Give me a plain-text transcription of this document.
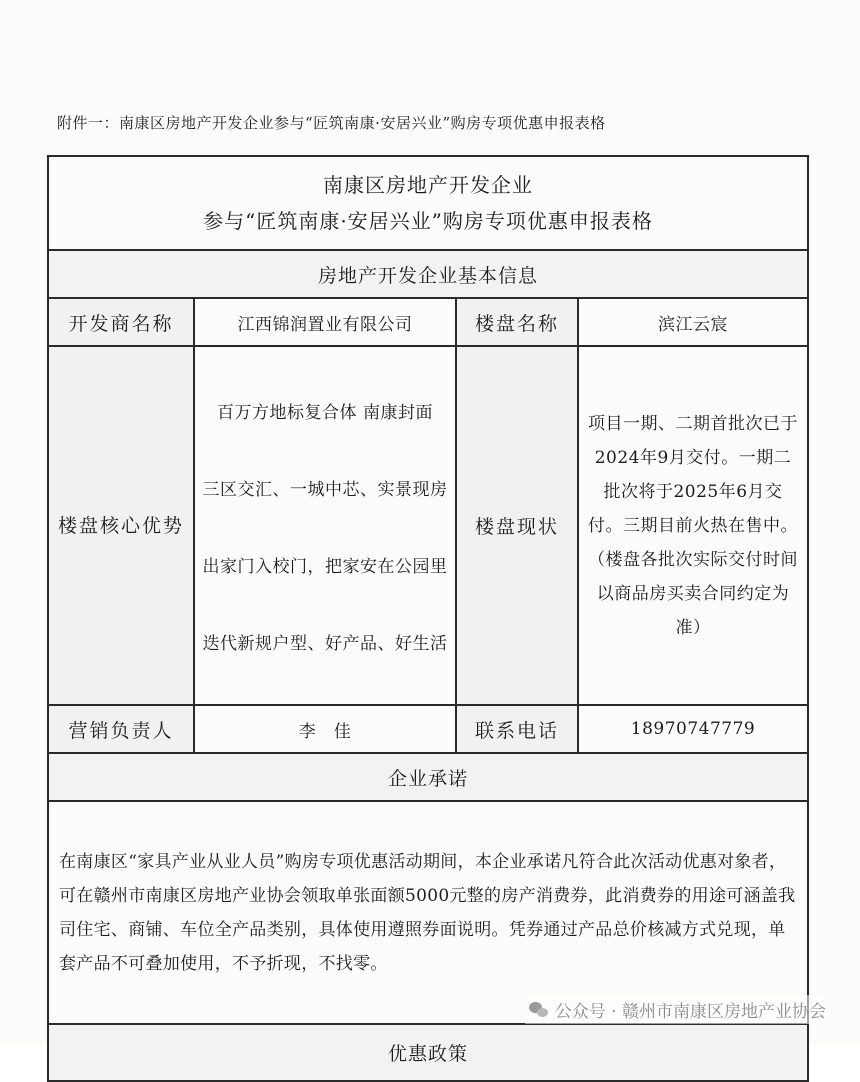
附件一：南康区房地产开发企业参与“匠筑南康·安居兴业”购房专项优惠申报表格
南康区房地产开发企业
参与“匠筑南康·安居兴业”购房专项优惠申报表格			

房地产开发企业基本信息			
开发商名称	江西锦润置业有限公司	楼盘名称	滨江云宸

楼盘核心优势	百万方地标复合体 南康封面
三区交汇、一城中芯、实景现房
出家门入校门，把家安在公园里
迭代新规户型、好产品、好生活	楼盘现状	项目一期、二期首批次已于2024年9月交付。一期二批次将于2025年6月交付。三期目前火热在售中。（楼盘各批次实际交付时间以商品房买卖合同约定为准）
营销负责人	李　佳	联系电话	18970747779
企业承诺			
在南康区“家具产业从业人员”购房专项优惠活动期间，本企业承诺凡符合此次活动优惠对象者，可在赣州市南康区房地产业协会领取单张面额5000元整的房产消费券，此消费券的用途可涵盖我司住宅、商铺、车位全产品类别，具体使用遵照券面说明。凭券通过产品总价核减方式兑现，单套产品不可叠加使用，不予折现，不找零。			
优惠政策			
公众号 · 赣州市南康区房地产业协会
